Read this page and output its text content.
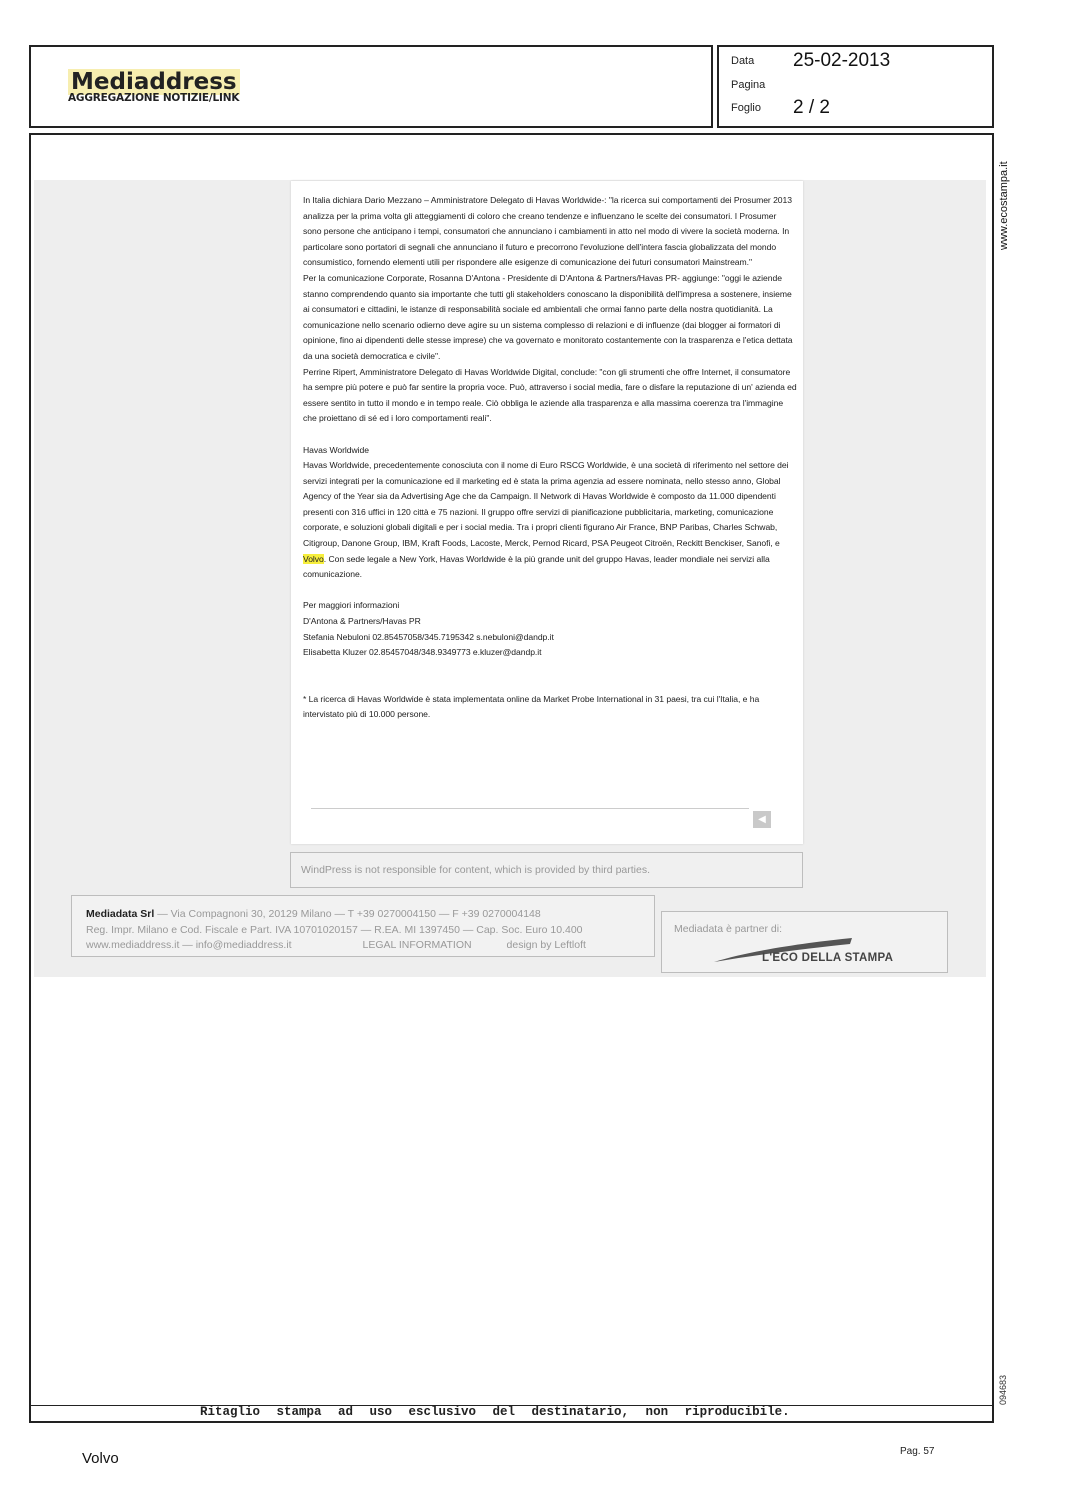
Mediaddress
AGGREGAZIONE NOTIZIE/LINK
Data 25-02-2013
Pagina
Foglio 2 / 2
www.ecostampa.it
094683

In Italia dichiara Dario Mezzano – Amministratore Delegato di Havas Worldwide-: "la ricerca sui comportamenti dei Prosumer 2013 analizza per la prima volta gli atteggiamenti di coloro che creano tendenze e influenzano le scelte dei consumatori. I Prosumer sono persone che anticipano i tempi, consumatori che annunciano i cambiamenti in atto nel modo di vivere la società moderna. In particolare sono portatori di segnali che annunciano il futuro e precorrono l'evoluzione dell'intera fascia globalizzata del mondo consumistico, fornendo elementi utili per rispondere alle esigenze di comunicazione dei futuri consumatori Mainstream."

Per la comunicazione Corporate, Rosanna D'Antona - Presidente di D'Antona & Partners/Havas PR- aggiunge: "oggi le aziende stanno comprendendo quanto sia importante che tutti gli stakeholders conoscano la disponibilità dell'impresa a sostenere, insieme ai consumatori e cittadini, le istanze di responsabilità sociale ed ambientali che ormai fanno parte della nostra quotidianità. La comunicazione nello scenario odierno deve agire su un sistema complesso di relazioni e di influenze (dai blogger ai formatori di opinione, fino ai dipendenti delle stesse imprese) che va governato e monitorato costantemente con la trasparenza e l'etica dettata da una società democratica e civile".

Perrine Ripert, Amministratore Delegato di Havas Worldwide Digital, conclude: "con gli strumenti che offre Internet, il consumatore ha sempre più potere e può far sentire la propria voce. Può, attraverso i social media, fare o disfare la reputazione di un' azienda ed essere sentito in tutto il mondo e in tempo reale. Ciò obbliga le aziende alla trasparenza e alla massima coerenza tra l'immagine che proiettano di sé ed i loro comportamenti reali".

Havas Worldwide

Havas Worldwide, precedentemente conosciuta con il nome di Euro RSCG Worldwide, è una società di riferimento nel settore dei servizi integrati per la comunicazione ed il marketing ed è stata la prima agenzia ad essere nominata, nello stesso anno, Global Agency of the Year sia da Advertising Age che da Campaign. Il Network di Havas Worldwide è composto da 11.000 dipendenti presenti con 316 uffici in 120 città e 75 nazioni. Il gruppo offre servizi di pianificazione pubblicitaria, marketing, comunicazione corporate, e soluzioni globali digitali e per i social media. Tra i propri clienti figurano Air France, BNP Paribas, Charles Schwab, Citigroup, Danone Group, IBM, Kraft Foods, Lacoste, Merck, Pernod Ricard, PSA Peugeot Citroën, Reckitt Benckiser, Sanofi, e Volvo. Con sede legale a New York, Havas Worldwide è la più grande unit del gruppo Havas, leader mondiale nei servizi alla comunicazione.

Per maggiori informazioni

D'Antona & Partners/Havas PR

Stefania Nebuloni 02.85457058/345.7195342 s.nebuloni@dandp.it

Elisabetta Kluzer 02.85457048/348.9349773 e.kluzer@dandp.it

* La ricerca di Havas Worldwide è stata implementata online da Market Probe International in 31 paesi, tra cui l'Italia, e ha intervistato più di 10.000 persone.

◀
WindPress is not responsible for content, which is provided by third parties.
Mediadata Srl — Via Compagnoni 30, 20129 Milano — T +39 0270004150 — F +39 0270004148
Reg. Impr. Milano e Cod. Fiscale e Part. IVA 10701020157 — R.EA. MI 1397450 — Cap. Soc. Euro 10.400
www.mediaddress.it — info@mediaddress.it	LEGAL INFORMATION	design by Leftloft
Mediadata è partner di:
L'ECO DELLA STAMPA
Ritaglio stampa ad uso esclusivo del destinatario, non riproducibile.
Volvo	Pag. 57
